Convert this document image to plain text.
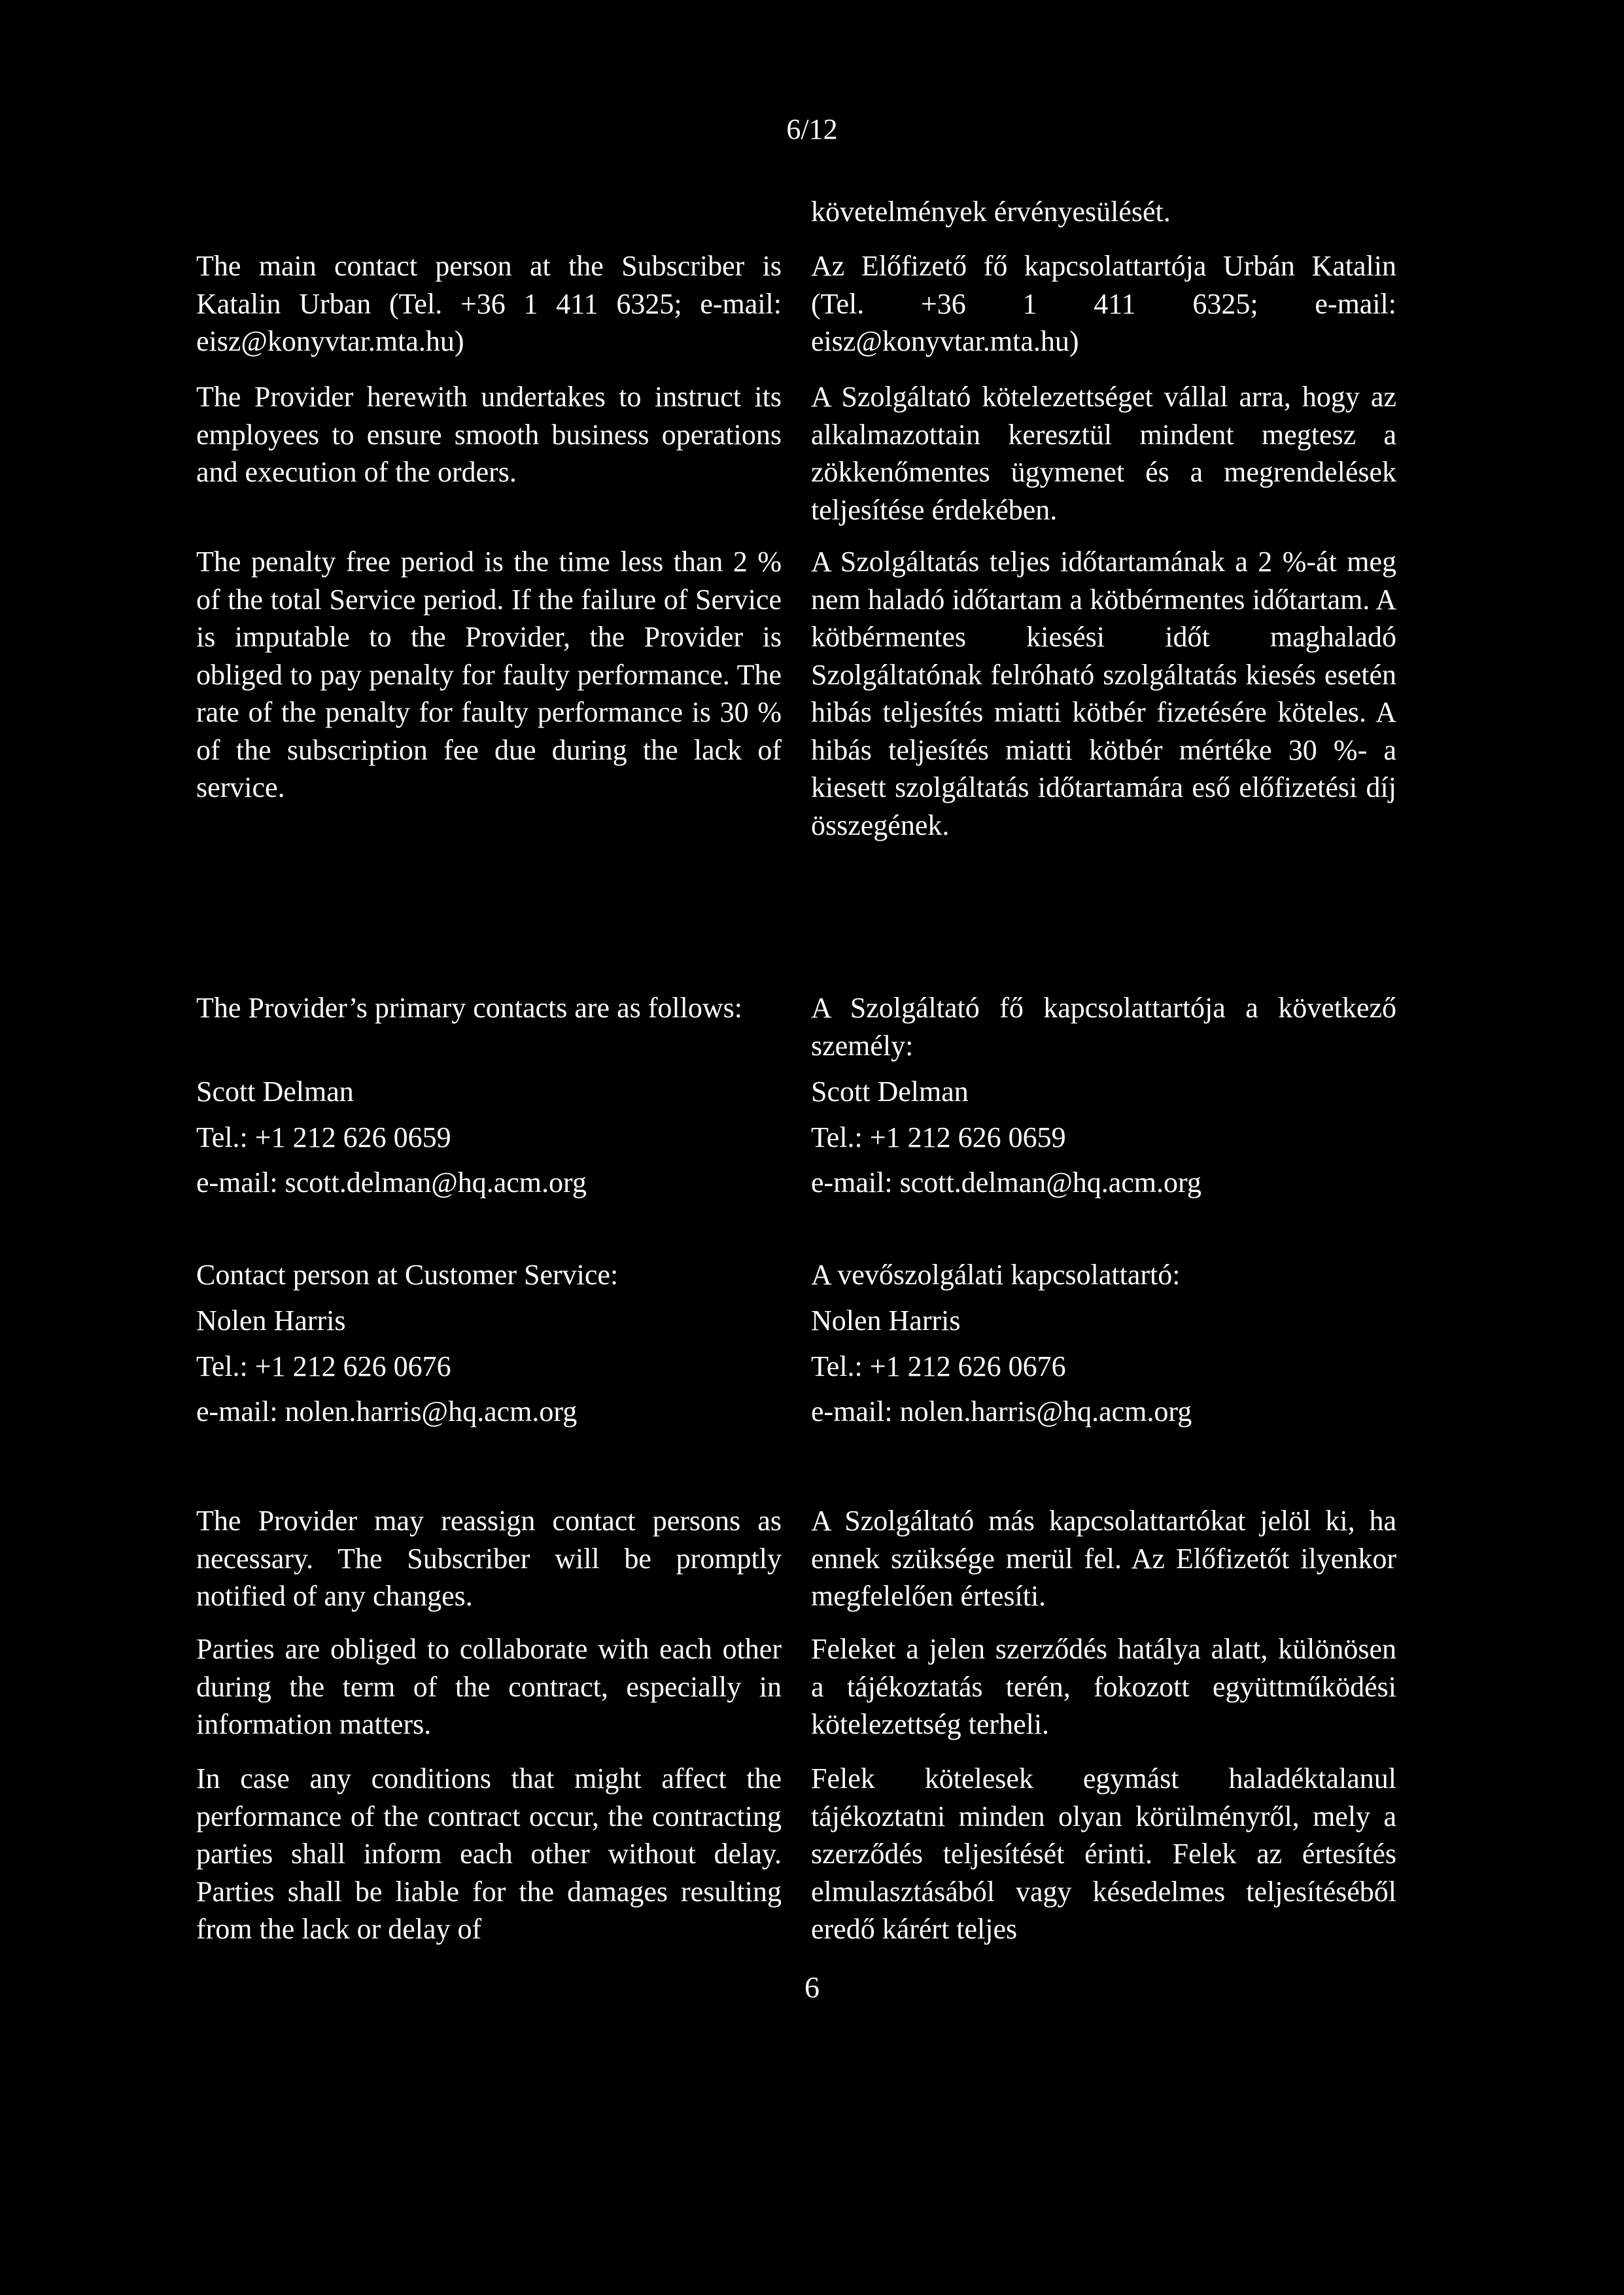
6/12

The main contact person at the Subscriber is Katalin Urban (Tel. +36 1 411 6325; e-mail: eisz@konyvtar.mta.hu)

The Provider herewith undertakes to instruct its employees to ensure smooth business operations and execution of the orders.

The penalty free period is the time less than 2 % of the total Service period. If the failure of Service is imputable to the Provider, the Provider is obliged to pay penalty for faulty performance. The rate of the penalty for faulty performance is 30 % of the subscription fee due during the lack of service.

The Provider’s primary contacts are as follows:

Scott Delman
Tel.: +1 212 626 0659
e-mail: scott.delman@hq.acm.org

Contact person at Customer Service:

Nolen Harris
Tel.: +1 212 626 0676
e-mail: nolen.harris@hq.acm.org

The Provider may reassign contact persons as necessary. The Subscriber will be promptly notified of any changes.

Parties are obliged to collaborate with each other during the term of the contract, especially in information matters.

In case any conditions that might affect the performance of the contract occur, the contracting parties shall inform each other without delay. Parties shall be liable for the damages resulting from the lack or delay of

követelmények érvényesülését.

Az Előfizető fő kapcsolattartója Urbán Katalin (Tel. +36 1 411 6325; e-mail: eisz@konyvtar.mta.hu)

A Szolgáltató kötelezettséget vállal arra, hogy az alkalmazottain keresztül mindent megtesz a zökkenőmentes ügymenet és a megrendelések teljesítése érdekében.

A Szolgáltatás teljes időtartamának a 2 %-át meg nem haladó időtartam a kötbérmentes időtartam. A kötbérmentes kiesési időt maghaladó Szolgáltatónak felróható szolgáltatás kiesés esetén hibás teljesítés miatti kötbér fizetésére köteles. A hibás teljesítés miatti kötbér mértéke 30 %- a kiesett szolgáltatás időtartamára eső előfizetési díj összegének.

A Szolgáltató fő kapcsolattartója a következő személy:

Scott Delman
Tel.: +1 212 626 0659
e-mail: scott.delman@hq.acm.org

A vevőszolgálati kapcsolattartó:

Nolen Harris
Tel.: +1 212 626 0676
e-mail: nolen.harris@hq.acm.org

A Szolgáltató más kapcsolattartókat jelöl ki, ha ennek szüksége merül fel. Az Előfizetőt ilyenkor megfelelően értesíti.

Feleket a jelen szerződés hatálya alatt, különösen a tájékoztatás terén, fokozott együttműködési kötelezettség terheli.

Felek kötelesek egymást haladéktalanul tájékoztatni minden olyan körülményről, mely a szerződés teljesítését érinti. Felek az értesítés elmulasztásából vagy késedelmes teljesítéséből eredő kárért teljes

6
